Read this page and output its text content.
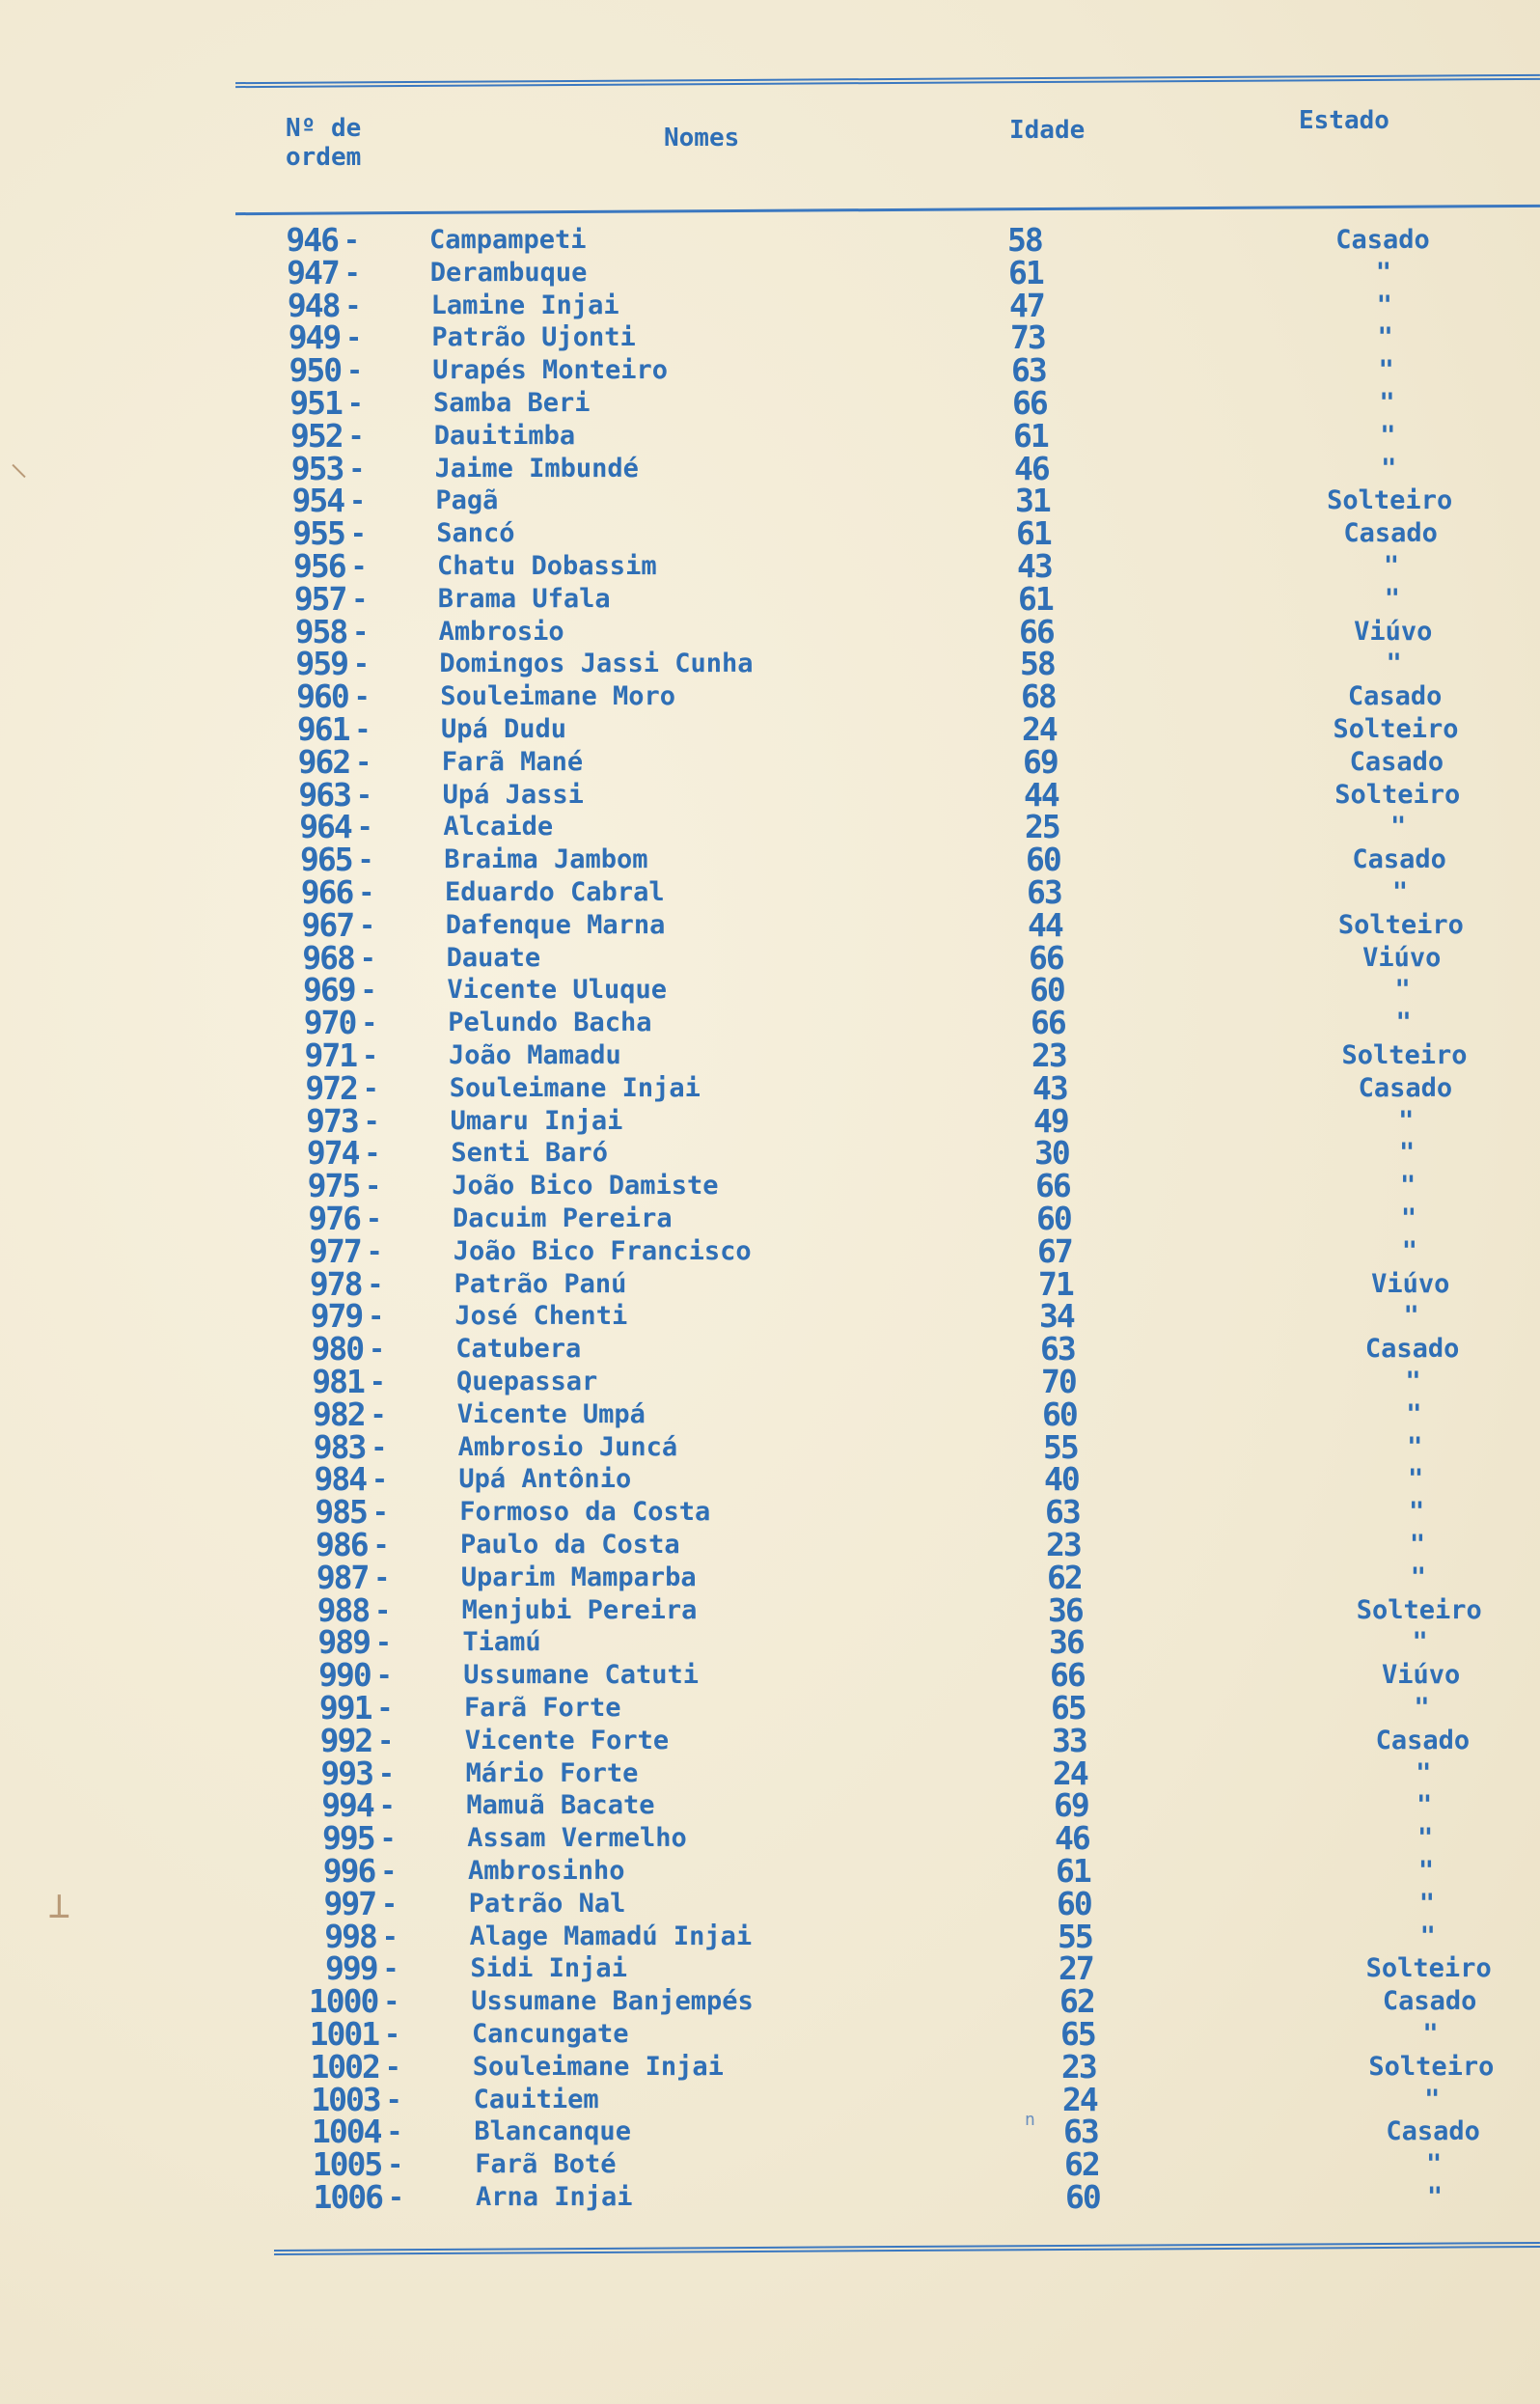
Nº de ordem
Nomes	Idade	Estado
946 -	Campampeti	58	Casado
947 -	Derambuque	61	"
948 -	Lamine Injai	47	"
949 -	Patrão Ujonti	73	"
950 -	Urapés Monteiro	63	"
951 -	Samba Beri	66	"
952 -	Dauitimba	61	"
953 -	Jaime Imbundé	46	"
954 -	Pagã	31	Solteiro
955 -	Sancó	61	Casado
956 -	Chatu Dobassim	43	"
957 -	Brama Ufala	61	"
958 -	Ambrosio	66	Viúvo
959 -	Domingos Jassi Cunha	58	"
960 -	Souleimane Moro	68	Casado
961 -	Upá Dudu	24	Solteiro
962 -	Farã Mané	69	Casado
963 -	Upá Jassi	44	Solteiro
964 -	Alcaide	25	"
965 -	Braima Jambom	60	Casado
966 -	Eduardo Cabral	63	"
967 -	Dafenque Marna	44	Solteiro
968 -	Dauate	66	Viúvo
969 -	Vicente Uluque	60	"
970 -	Pelundo Bacha	66	"
971 -	João Mamadu	23	Solteiro
972 -	Souleimane Injai	43	Casado
973 -	Umaru Injai	49	"
974 -	Senti Baró	30	"
975 -	João Bico Damiste	66	"
976 -	Dacuim Pereira	60	"
977 -	João Bico Francisco	67	"
978 -	Patrão Panú	71	Viúvo
979 -	José Chenti	34	"
980 -	Catubera	63	Casado
981 -	Quepassar	70	"
982 -	Vicente Umpá	60	"
983 -	Ambrosio Juncá	55	"
984 -	Upá Antônio	40	"
985 -	Formoso da Costa	63	"
986 -	Paulo da Costa	23	"
987 -	Uparim Mamparba	62	"
988 -	Menjubi Pereira	36	Solteiro
989 -	Tiamú	36	"
990 -	Ussumane Catuti	66	Viúvo
991 -	Farã Forte	65	"
992 -	Vicente Forte	33	Casado
993 -	Mário Forte	24	"
994 -	Mamuã Bacate	69	"
995 -	Assam Vermelho	46	"
996 -	Ambrosinho	61	"
997 -	Patrão Nal	60	"
998 -	Alage Mamadú Injai	55	"
999 -	Sidi Injai	27	Solteiro
1000 -	Ussumane Banjempés	62	Casado
1001 -	Cancungate	65	"
1002 -	Souleimane Injai	23	Solteiro
1003 -	Cauitiem	24	"
1004 -	Blancanque	63	Casado
1005 -	Farã Boté	62	"
1006 -	Arna Injai	60	"
n
⸜
⊥
